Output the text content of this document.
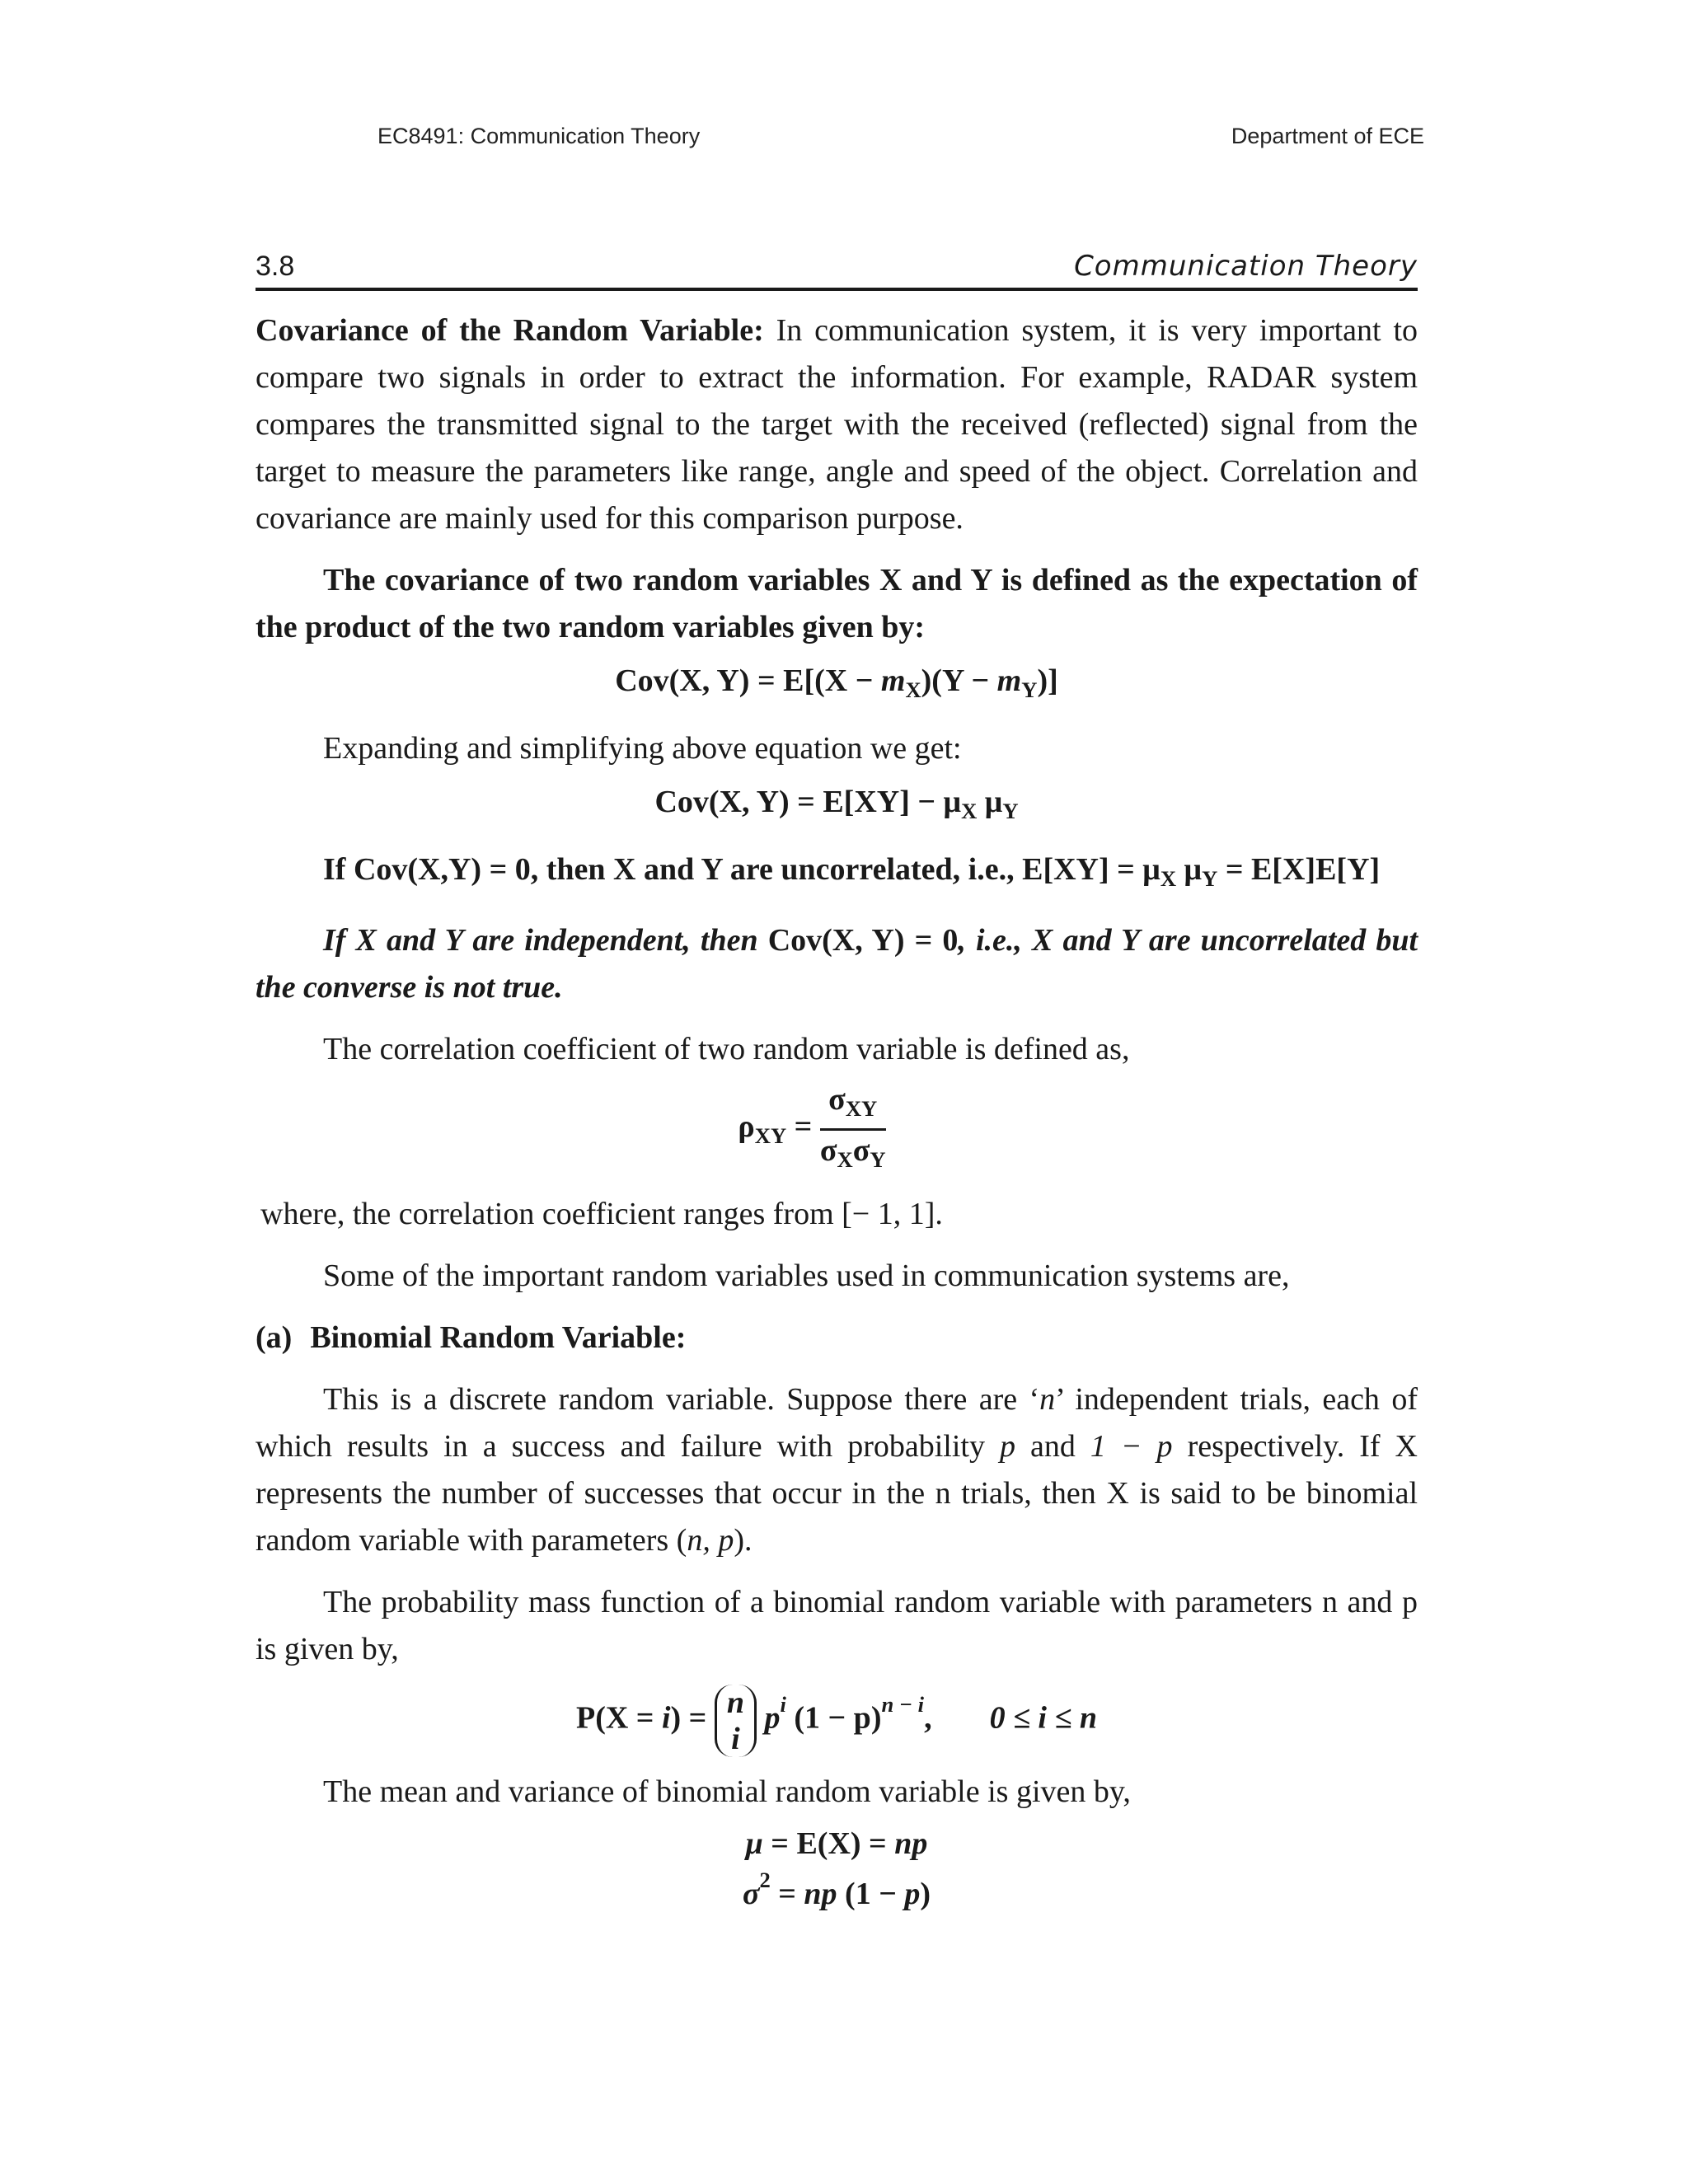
EC8491: Communication Theory	Department of ECE
3.8	Communication Theory

Covariance of the Random Variable: In communication system, it is very important to compare two signals in order to extract the information. For example, RADAR system compares the transmitted signal to the target with the received (reflected) signal from the target to measure the parameters like range, angle and speed of the object. Correlation and covariance are mainly used for this comparison purpose.

The covariance of two random variables X and Y is defined as the expectation of the product of the two random variables given by:

Cov(X, $Y) = E[(X - m_X)(Y - m_Y)]$

Expanding and simplifying above equation we get:

Cov(X, $Y) = E[XY] - \mu_X$ $\mu_Y$

If Cov(X,Y) = 0, then X and Y are uncorrelated, i.e., $E[XY] = \mu_X$ $\mu_Y = E[X]E[Y]$

If X and Y are independent, then Cov(X, Y) = 0, i.e., X and Y are uncorrelated but the converse is not true.

The correlation coefficient of two random variable is defined as,

$\rho_{XY} = \frac{\sigma_{XY}}{\sigma_X\sigma_Y}$

where, the correlation coefficient ranges from [− 1, 1].

Some of the important random variables used in communication systems are,

(a) Binomial Random Variable:

This is a discrete random variable. Suppose there are ‘n’ independent trials, each of which results in a success and failure with probability p and 1 − p respectively. If X represents the number of successes that occur in the n trials, then X is said to be binomial random variable with parameters (n, p).

The probability mass function of a binomial random variable with parameters n and p is given by,

P(X = i) = n
i
$p^i$ $(1 - p)^{n - i}$, 0 ≤ i ≤ n

The mean and variance of binomial random variable is given by,

μ = E(X) = np
$\sigma^2$ = np (1 − p)
